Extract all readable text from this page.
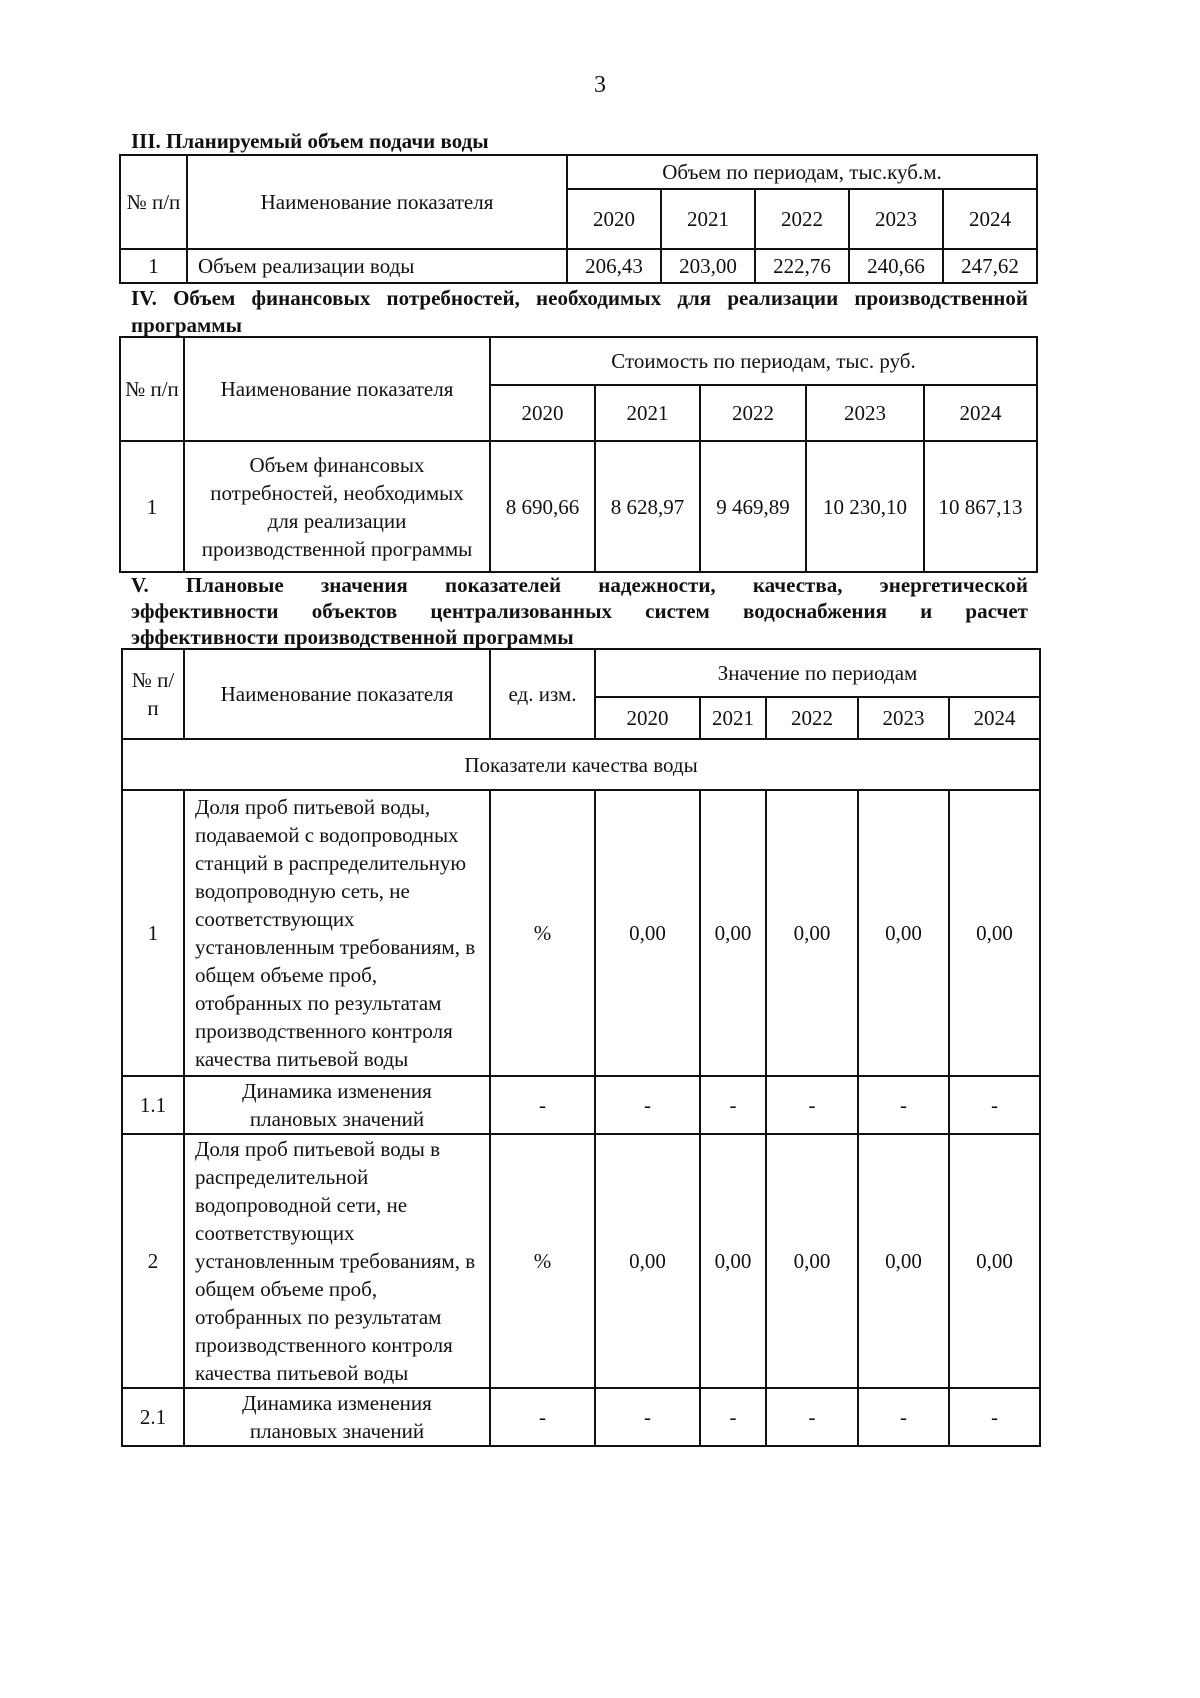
3
III. Планируемый объем подачи воды
№ п/п	Наименование показателя	Объем по периодам, тыс.куб.м.				
		2020	2021	2022	2023	2024
1	Объем реализации воды	206,43	203,00	222,76	240,66	247,62
IV. Объем финансовых потребностей, необходимых для реализации производственной
программы
№ п/п	Наименование показателя	Стоимость по периодам, тыс. руб.				
		2020	2021	2022	2023	2024
1	Объем финансовых потребностей, необходимых для реализации производственной программы	8 690,66	8 628,97	9 469,89	10 230,10	10 867,13
V. Плановые значения показателей надежности, качества, энергетической
эффективности объектов централизованных систем водоснабжения и расчет
эффективности производственной программы
№ п/п	Наименование показателя	ед. изм.	Значение по периодам				
			2020	2021	2022	2023	2024
Показатели качества воды							
1	Доля проб питьевой воды, подаваемой с водопроводных станций в распределительную водопроводную сеть, не соответствующих установленным требованиям, в общем объеме проб, отобранных по результатам производственного контроля качества питьевой воды	%	0,00	0,00	0,00	0,00	0,00
1.1	Динамика изменения плановых значений	-	-	-	-	-	-
2	Доля проб питьевой воды в распределительной водопроводной сети, не соответствующих установленным требованиям, в общем объеме проб, отобранных по результатам производственного контроля качества питьевой воды	%	0,00	0,00	0,00	0,00	0,00
2.1	Динамика изменения плановых значений	-	-	-	-	-	-
